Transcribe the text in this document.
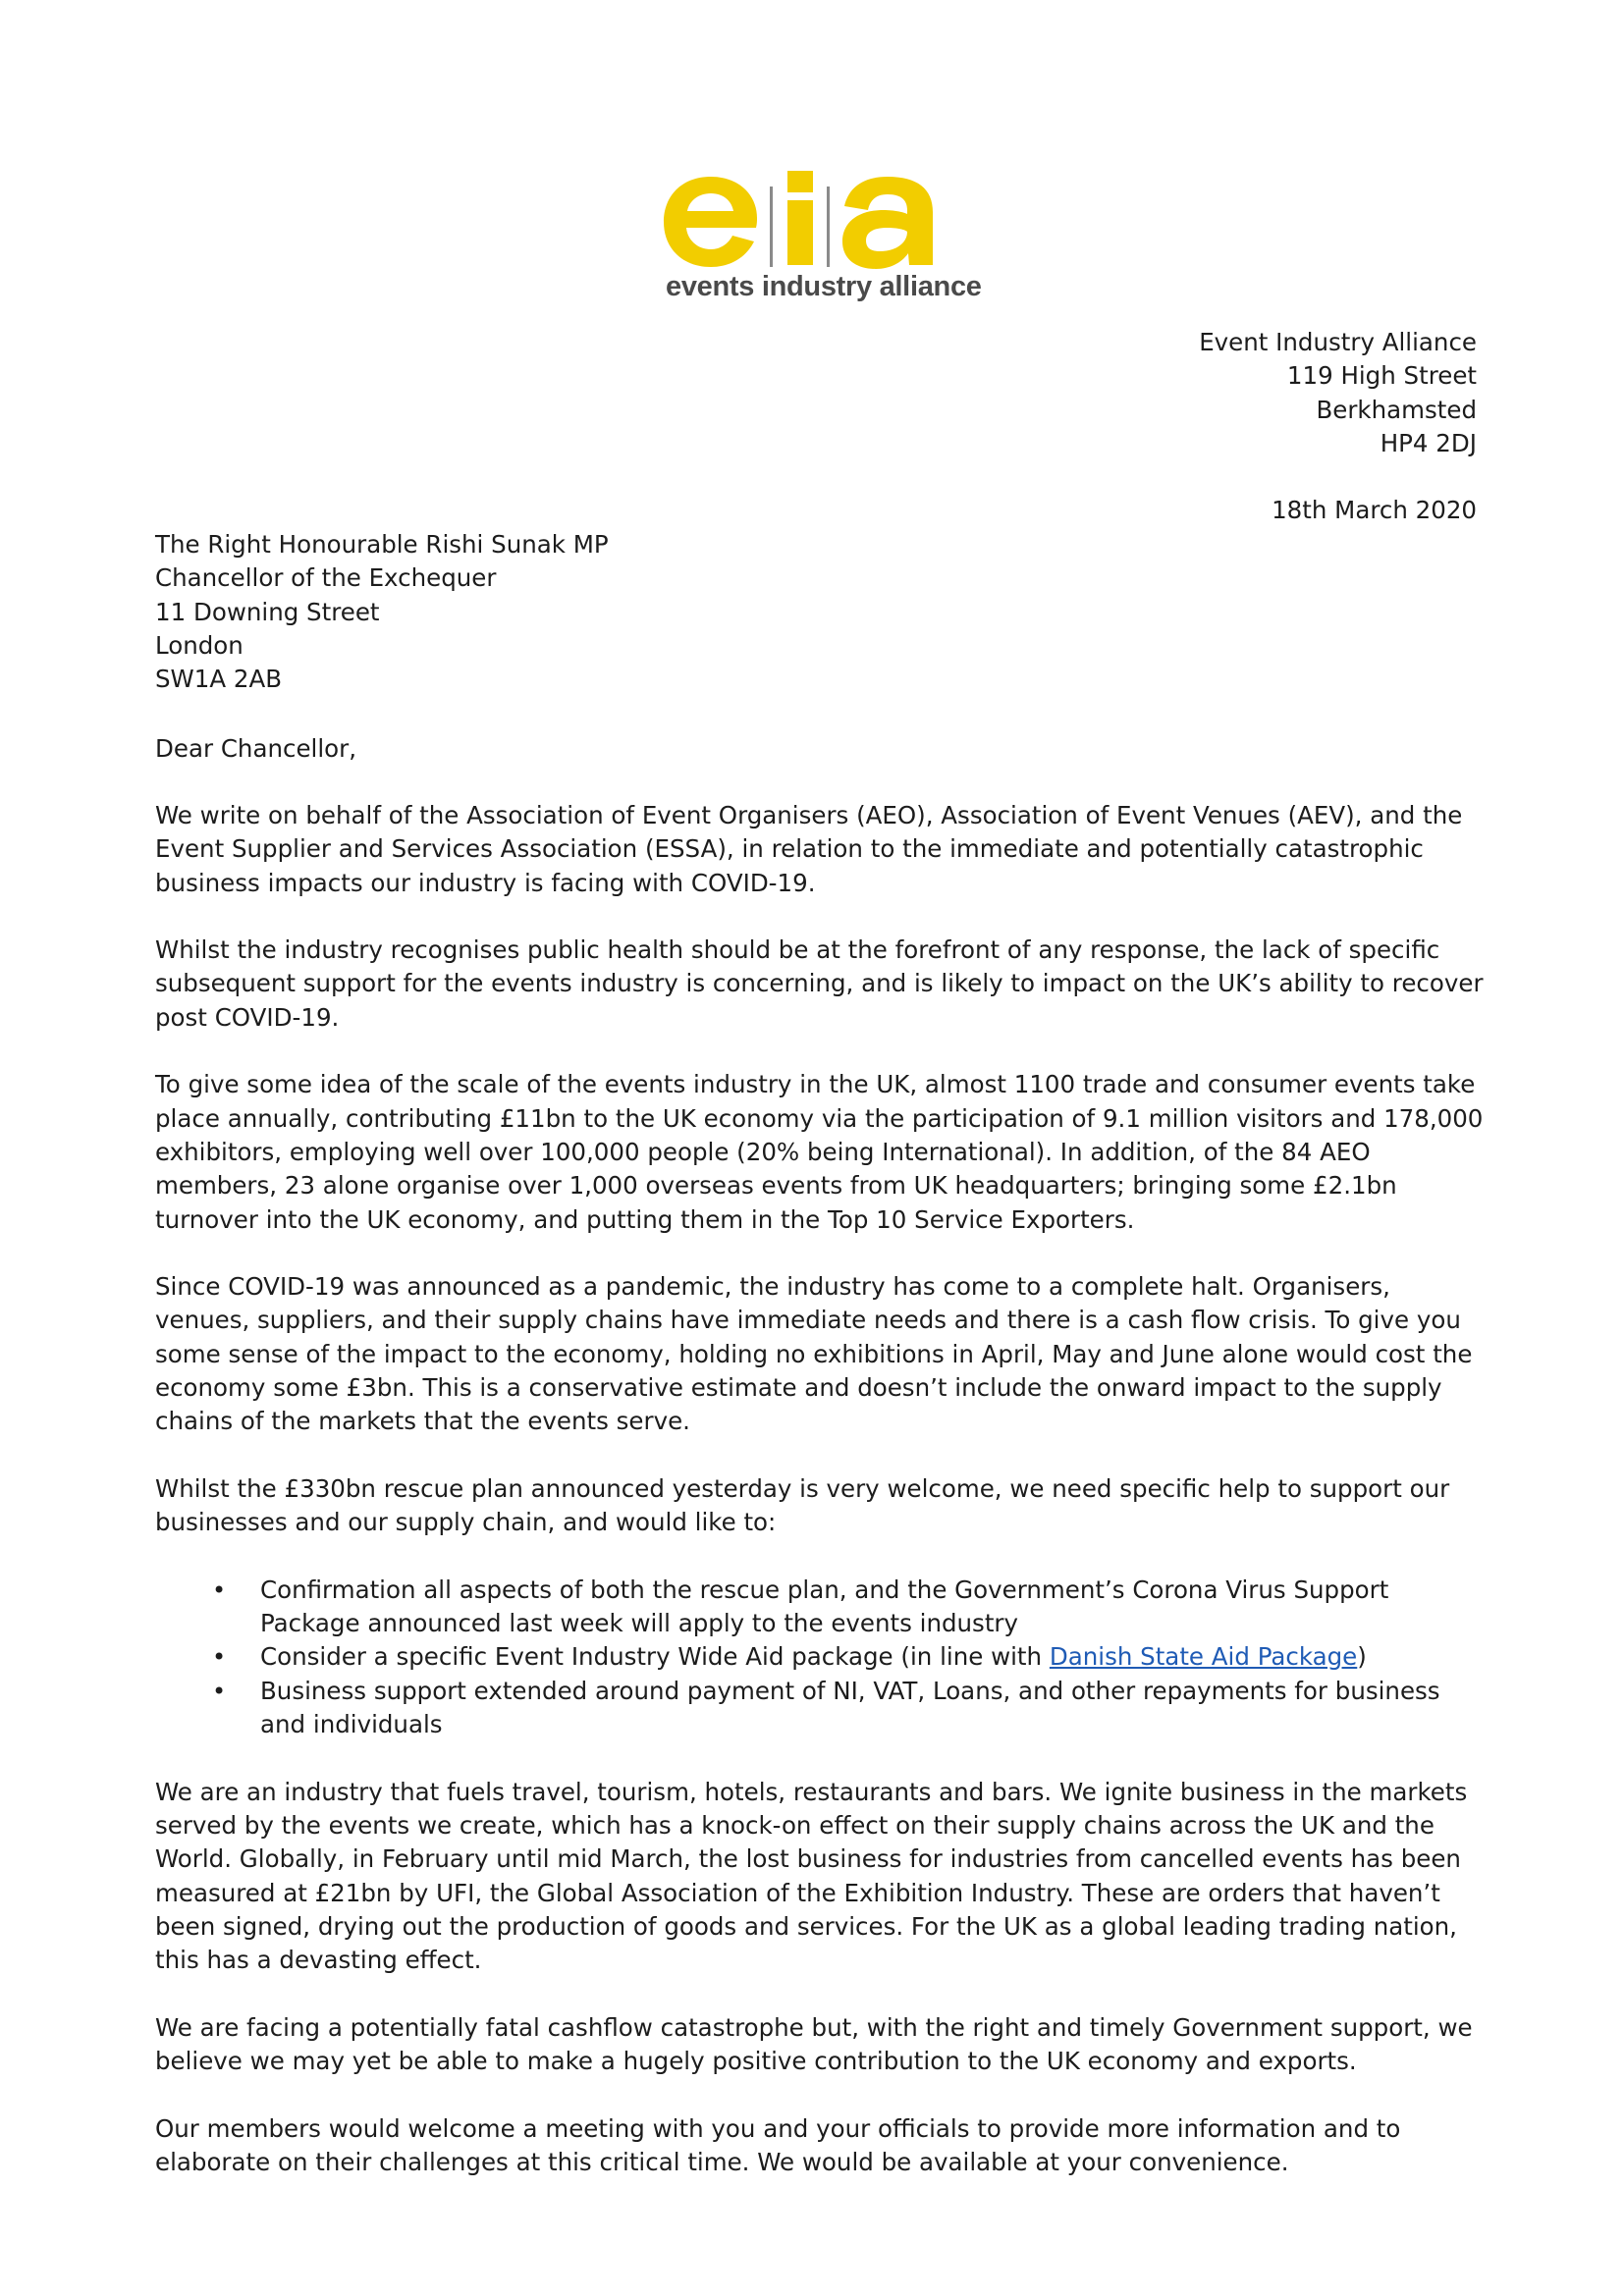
events industry alliance
Event Industry Alliance
119 High Street
Berkhamsted
HP4 2DJ
18th March 2020
The Right Honourable Rishi Sunak MP
Chancellor of the Exchequer
11 Downing Street
London
SW1A 2AB
Dear Chancellor,

We write on behalf of the Association of Event Organisers (AEO), Association of Event Venues (AEV), and the Event Supplier and Services Association (ESSA), in relation to the immediate and potentially catastrophic business impacts our industry is facing with COVID-19.

Whilst the industry recognises public health should be at the forefront of any response, the lack of specific subsequent support for the events industry is concerning, and is likely to impact on the UK’s ability to recover post COVID-19.

To give some idea of the scale of the events industry in the UK, almost 1100 trade and consumer events take place annually, contributing £11bn to the UK economy via the participation of 9.1 million visitors and 178,000 exhibitors, employing well over 100,000 people (20% being International). In addition, of the 84 AEO members, 23 alone organise over 1,000 overseas events from UK headquarters; bringing some £2.1bn turnover into the UK economy, and putting them in the Top 10 Service Exporters.

Since COVID-19 was announced as a pandemic, the industry has come to a complete halt. Organisers, venues, suppliers, and their supply chains have immediate needs and there is a cash flow crisis. To give you some sense of the impact to the economy, holding no exhibitions in April, May and June alone would cost the economy some £3bn. This is a conservative estimate and doesn’t include the onward impact to the supply chains of the markets that the events serve.

Whilst the £330bn rescue plan announced yesterday is very welcome, we need specific help to support our businesses and our supply chain, and would like to:

• Confirmation all aspects of both the rescue plan, and the Government’s Corona Virus Support Package announced last week will apply to the events industry
• Consider a specific Event Industry Wide Aid package (in line with Danish State Aid Package)
• Business support extended around payment of NI, VAT, Loans, and other repayments for business and individuals

We are an industry that fuels travel, tourism, hotels, restaurants and bars. We ignite business in the markets served by the events we create, which has a knock-on effect on their supply chains across the UK and the World. Globally, in February until mid March, the lost business for industries from cancelled events has been measured at £21bn by UFI, the Global Association of the Exhibition Industry. These are orders that haven’t been signed, drying out the production of goods and services. For the UK as a global leading trading nation, this has a devasting effect.

We are facing a potentially fatal cashflow catastrophe but, with the right and timely Government support, we believe we may yet be able to make a hugely positive contribution to the UK economy and exports.

Our members would welcome a meeting with you and your officials to provide more information and to elaborate on their challenges at this critical time. We would be available at your convenience.
